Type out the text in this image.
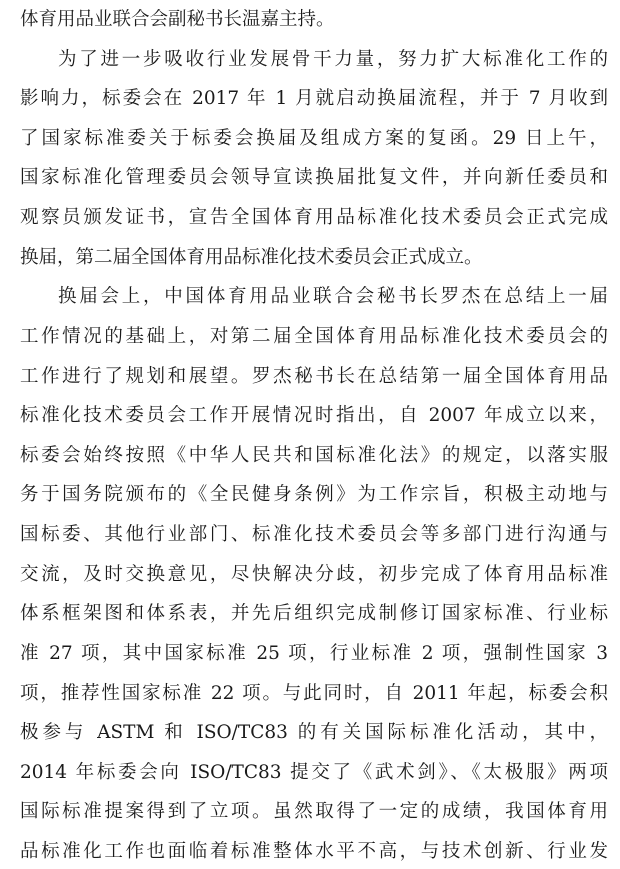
体育用品业联合会副秘书长温嘉主持。
为了进一步吸收行业发展骨干力量，努力扩大标准化工作的
影响力，标委会在 2017 年 1 月就启动换届流程，并于 7 月收到
了国家标准委关于标委会换届及组成方案的复函。29 日上午，
国家标准化管理委员会领导宣读换届批复文件，并向新任委员和
观察员颁发证书，宣告全国体育用品标准化技术委员会正式完成
换届，第二届全国体育用品标准化技术委员会正式成立。
换届会上，中国体育用品业联合会秘书长罗杰在总结上一届
工作情况的基础上，对第二届全国体育用品标准化技术委员会的
工作进行了规划和展望。罗杰秘书长在总结第一届全国体育用品
标准化技术委员会工作开展情况时指出，自 2007 年成立以来，
标委会始终按照《中华人民共和国标准化法》的规定，以落实服
务于国务院颁布的《全民健身条例》为工作宗旨，积极主动地与
国标委、其他行业部门、标准化技术委员会等多部门进行沟通与
交流，及时交换意见，尽快解决分歧，初步完成了体育用品标准
体系框架图和体系表，并先后组织完成制修订国家标准、行业标
准 27 项，其中国家标准 25 项，行业标准 2 项，强制性国家 3
项，推荐性国家标准 22 项。与此同时，自 2011 年起，标委会积
极参与 ASTM 和 ISO/TC83 的有关国际标准化活动，其中，
2014 年标委会向 ISO/TC83 提交了《武术剑》、《太极服》两项
国际标准提案得到了立项。虽然取得了一定的成绩，我国体育用
品标准化工作也面临着标准整体水平不高，与技术创新、行业发
